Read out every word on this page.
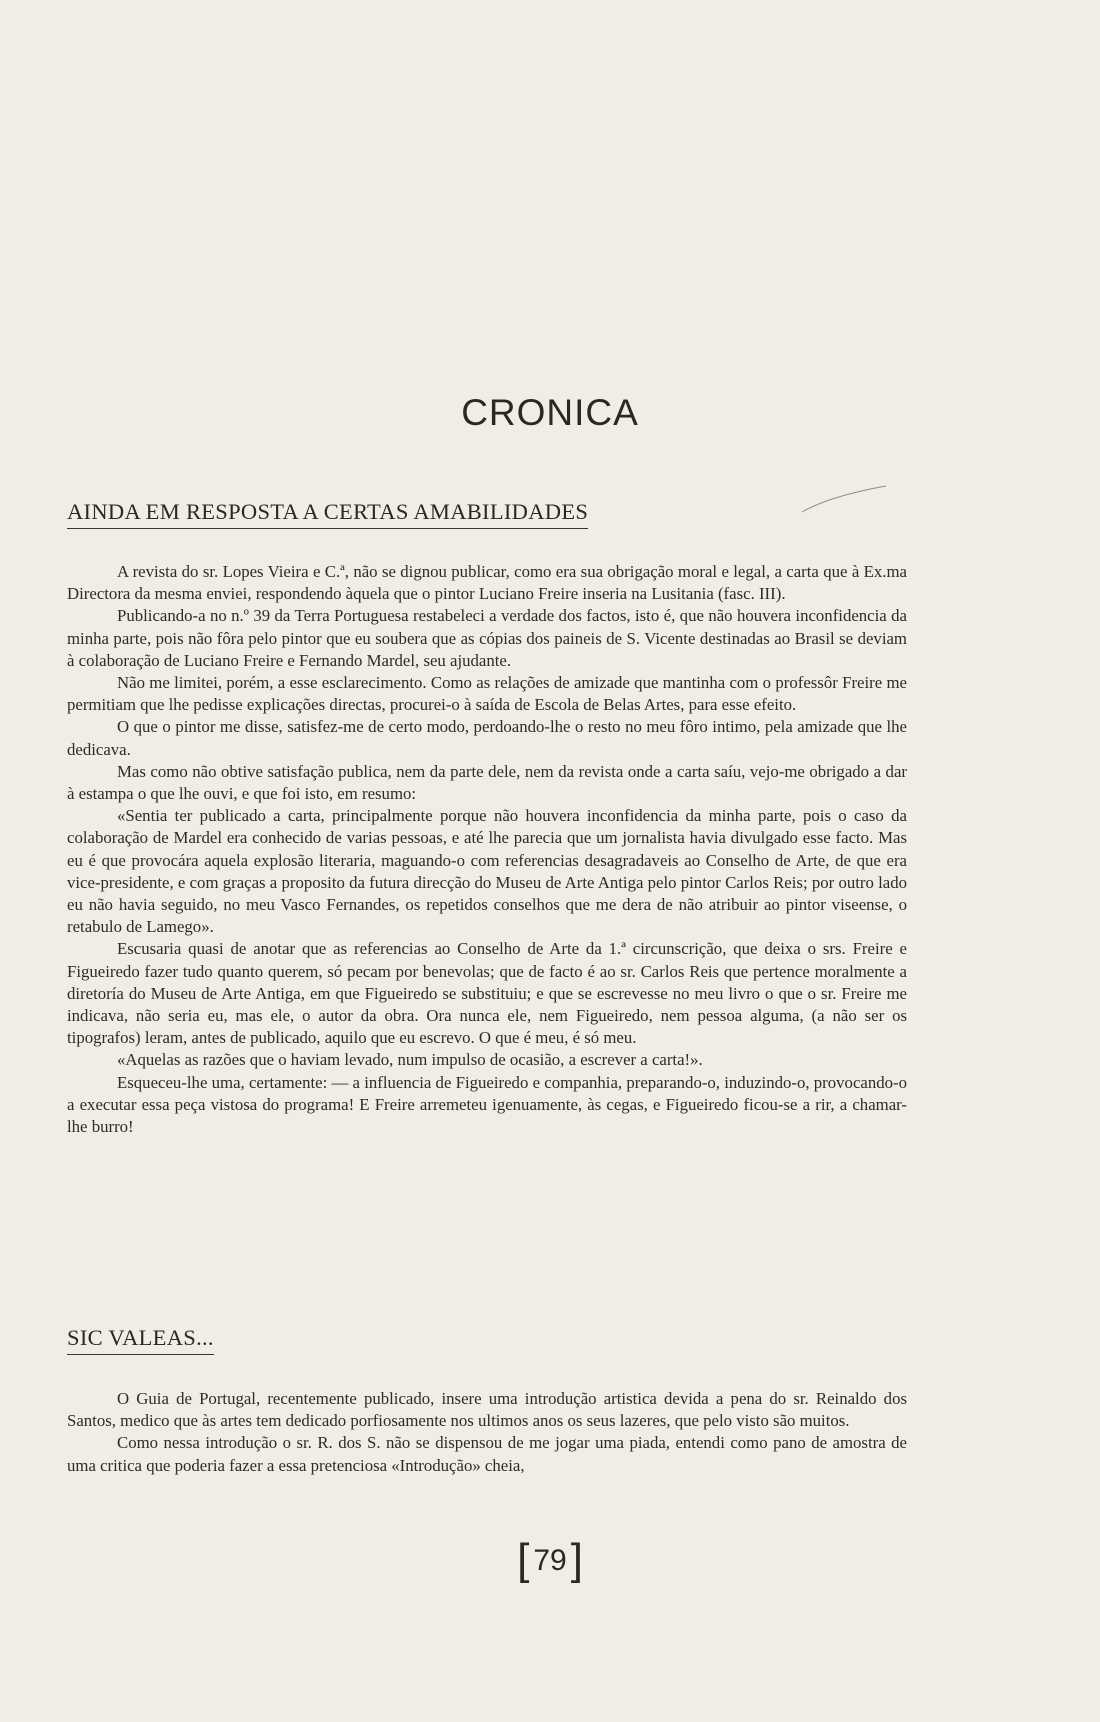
CRONICA
AINDA EM RESPOSTA A CERTAS AMABILIDADES

A revista do sr. Lopes Vieira e C.ª, não se dignou publicar, como era sua obrigação moral e legal, a carta que à Ex.ma Directora da mesma enviei, respondendo àquela que o pintor Luciano Freire inseria na Lusitania (fasc. III).

Publicando-a no n.º 39 da Terra Portuguesa restabeleci a verdade dos factos, isto é, que não houvera inconfidencia da minha parte, pois não fôra pelo pintor que eu soubera que as cópias dos paineis de S. Vicente destinadas ao Brasil se deviam à colaboração de Luciano Freire e Fernando Mardel, seu ajudante.

Não me limitei, porém, a esse esclarecimento. Como as relações de amizade que mantinha com o professôr Freire me permitiam que lhe pedisse explicações directas, procurei-o à saída de Escola de Belas Artes, para esse efeito.

O que o pintor me disse, satisfez-me de certo modo, perdoando-lhe o resto no meu fôro intimo, pela amizade que lhe dedicava.

Mas como não obtive satisfação publica, nem da parte dele, nem da revista onde a carta saíu, vejo-me obrigado a dar à estampa o que lhe ouvi, e que foi isto, em resumo:

«Sentia ter publicado a carta, principalmente porque não houvera inconfidencia da minha parte, pois o caso da colaboração de Mardel era conhecido de varias pessoas, e até lhe parecia que um jornalista havia divulgado esse facto. Mas eu é que provocára aquela explosão literaria, maguando-o com referencias desagradaveis ao Conselho de Arte, de que era vice-presidente, e com graças a proposito da futura direcção do Museu de Arte Antiga pelo pintor Carlos Reis; por outro lado eu não havia seguido, no meu Vasco Fernandes, os repetidos conselhos que me dera de não atribuir ao pintor viseense, o retabulo de Lamego».

Escusaria quasi de anotar que as referencias ao Conselho de Arte da 1.ª circunscrição, que deixa o srs. Freire e Figueiredo fazer tudo quanto querem, só pecam por benevolas; que de facto é ao sr. Carlos Reis que pertence moralmente a diretoría do Museu de Arte Antiga, em que Figueiredo se substituiu; e que se escrevesse no meu livro o que o sr. Freire me indicava, não seria eu, mas ele, o autor da obra. Ora nunca ele, nem Figueiredo, nem pessoa alguma, (a não ser os tipografos) leram, antes de publicado, aquilo que eu escrevo. O que é meu, é só meu.

«Aquelas as razões que o haviam levado, num impulso de ocasião, a escrever a carta!».

Esqueceu-lhe uma, certamente: — a influencia de Figueiredo e companhia, preparando-o, induzindo-o, provocando-o a executar essa peça vistosa do programa! E Freire arremeteu igenuamente, às cegas, e Figueiredo ficou-se a rir, a chamar-lhe burro!

SIC VALEAS...

O Guia de Portugal, recentemente publicado, insere uma introdução artistica devida a pena do sr. Reinaldo dos Santos, medico que às artes tem dedicado porfiosamente nos ultimos anos os seus lazeres, que pelo visto são muitos.

Como nessa introdução o sr. R. dos S. não se dispensou de me jogar uma piada, entendi como pano de amostra de uma critica que poderia fazer a essa pretenciosa «Introdução» cheia,

[ 79]
